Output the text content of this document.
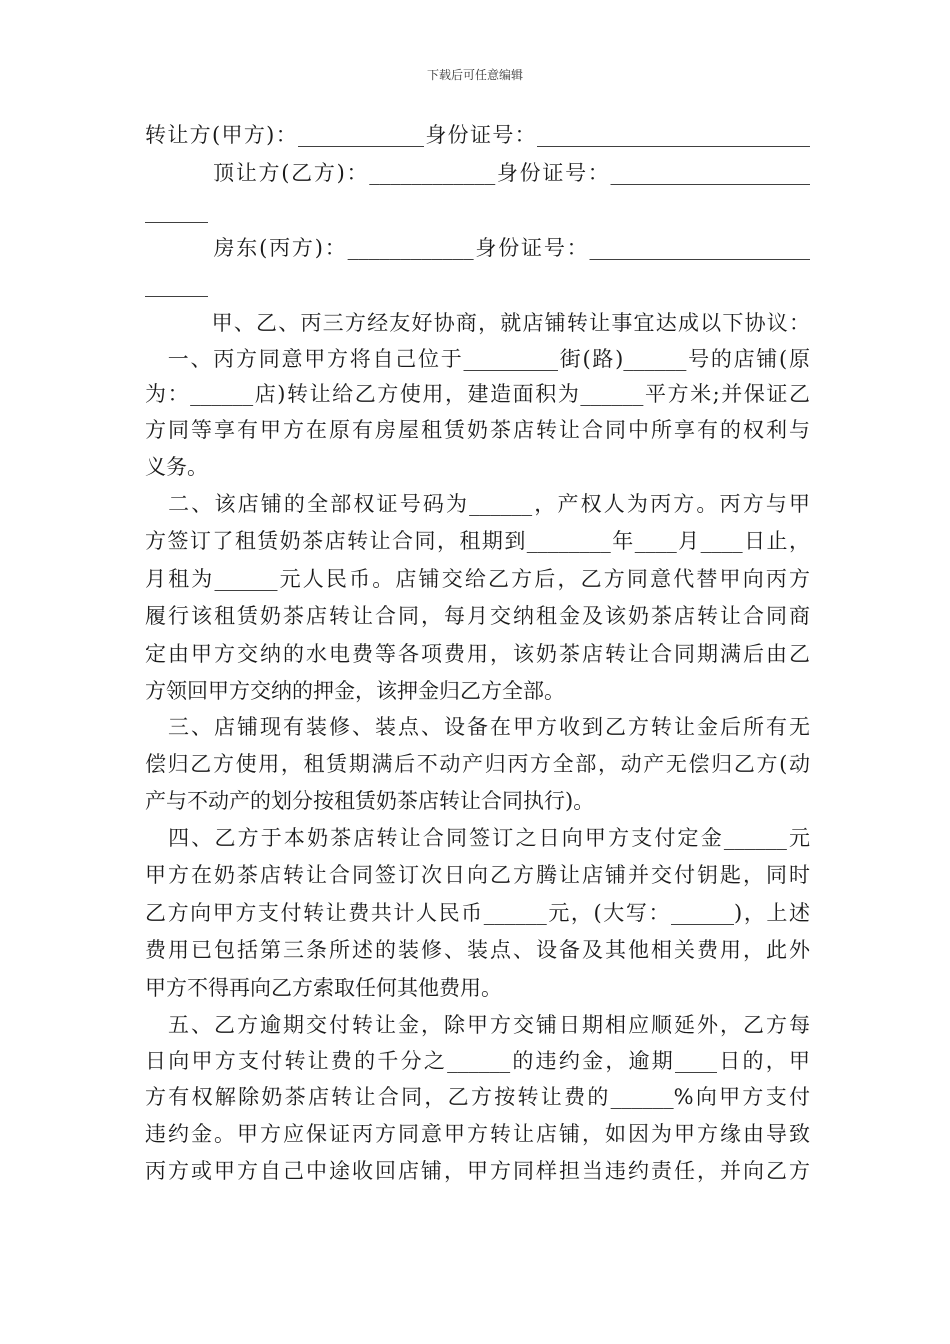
下载后可任意编辑
转让方(甲方)：____________身份证号：__________________________
　　　顶让方(乙方)：____________身份证号：___________________
______
　　　房东(丙方)：____________身份证号：_____________________
______
　　　甲、乙、丙三方经友好协商，就店铺转让事宜达成以下协议：
　一、丙方同意甲方将自己位于_________街(路)______号的店铺(原
为：______店)转让给乙方使用，建造面积为______平方米;并保证乙
方同等享有甲方在原有房屋租赁奶茶店转让合同中所享有的权利与
义务。
　二、该店铺的全部权证号码为______，产权人为丙方。丙方与甲
方签订了租赁奶茶店转让合同，租期到________年____月____日止，
月租为______元人民币。店铺交给乙方后，乙方同意代替甲向丙方
履行该租赁奶茶店转让合同，每月交纳租金及该奶茶店转让合同商
定由甲方交纳的水电费等各项费用，该奶茶店转让合同期满后由乙
方领回甲方交纳的押金，该押金归乙方全部。
　三、店铺现有装修、装点、设备在甲方收到乙方转让金后所有无
偿归乙方使用，租赁期满后不动产归丙方全部，动产无偿归乙方(动
产与不动产的划分按租赁奶茶店转让合同执行)。
　四、乙方于本奶茶店转让合同签订之日向甲方支付定金______元
甲方在奶茶店转让合同签订次日向乙方腾让店铺并交付钥匙，同时
乙方向甲方支付转让费共计人民币______元，(大写：______)，上述
费用已包括第三条所述的装修、装点、设备及其他相关费用，此外
甲方不得再向乙方索取任何其他费用。
　五、乙方逾期交付转让金，除甲方交铺日期相应顺延外，乙方每
日向甲方支付转让费的千分之______的违约金，逾期____日的，甲
方有权解除奶茶店转让合同，乙方按转让费的______%向甲方支付
违约金。甲方应保证丙方同意甲方转让店铺，如因为甲方缘由导致
丙方或甲方自己中途收回店铺，甲方同样担当违约责任，并向乙方
